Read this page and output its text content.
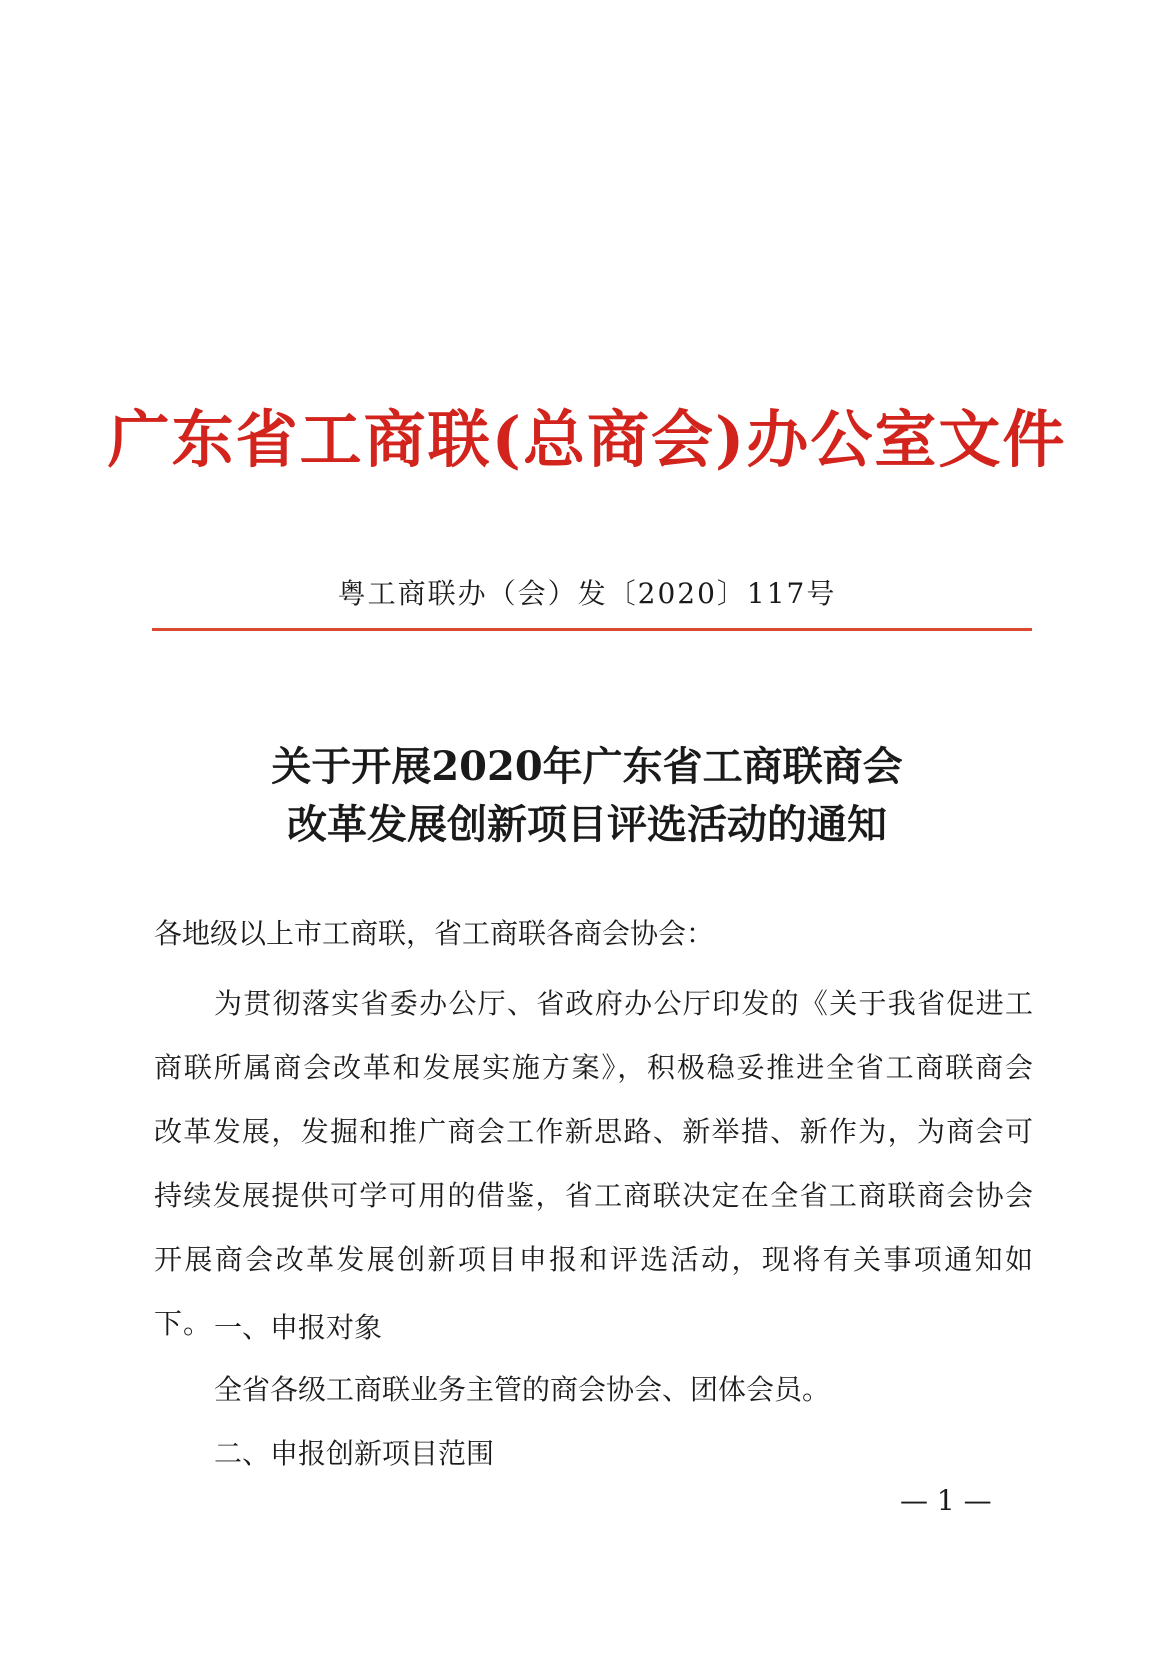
广东省工商联(总商会)办公室文件
粤工商联办（会）发〔2020〕117号
关于开展2020年广东省工商联商会
改革发展创新项目评选活动的通知
各地级以上市工商联，省工商联各商会协会：
为贯彻落实省委办公厅、省政府办公厅印发的《关于我省促进工商联所属商会改革和发展实施方案》，积极稳妥推进全省工商联商会改革发展，发掘和推广商会工作新思路、新举措、新作为，为商会可持续发展提供可学可用的借鉴，省工商联决定在全省工商联商会协会开展商会改革发展创新项目申报和评选活动，现将有关事项通知如下。 一、申报对象
全省各级工商联业务主管的商会协会、团体会员。
二、申报创新项目范围
— 1 —
